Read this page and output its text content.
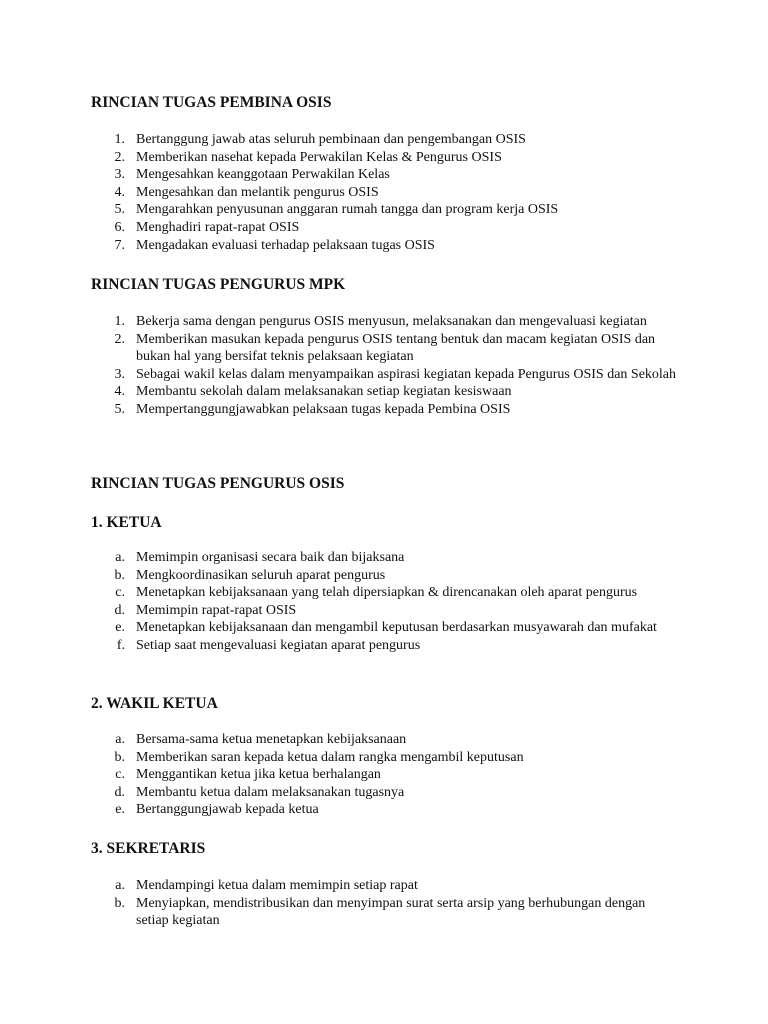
RINCIAN TUGAS PEMBINA OSIS
1. Bertanggung jawab atas seluruh pembinaan dan pengembangan OSIS
2. Memberikan nasehat kepada Perwakilan Kelas & Pengurus OSIS
3. Mengesahkan keanggotaan Perwakilan Kelas
4. Mengesahkan dan melantik pengurus OSIS
5. Mengarahkan penyusunan anggaran rumah tangga dan program kerja OSIS
6. Menghadiri rapat-rapat OSIS
7. Mengadakan evaluasi terhadap pelaksaan tugas OSIS
RINCIAN TUGAS PENGURUS MPK
1. Bekerja sama dengan pengurus OSIS menyusun, melaksanakan dan mengevaluasi kegiatan
2. Memberikan masukan kepada pengurus OSIS tentang bentuk dan macam kegiatan OSIS dan bukan hal yang bersifat teknis pelaksaan kegiatan
3. Sebagai wakil kelas dalam menyampaikan aspirasi kegiatan kepada Pengurus OSIS dan Sekolah
4. Membantu sekolah dalam melaksanakan setiap kegiatan kesiswaan
5. Mempertanggungjawabkan pelaksaan tugas kepada Pembina OSIS
RINCIAN TUGAS PENGURUS OSIS
1. KETUA
a. Memimpin organisasi secara baik dan bijaksana
b. Mengkoordinasikan seluruh aparat pengurus
c. Menetapkan kebijaksanaan yang telah dipersiapkan & direncanakan oleh aparat pengurus
d. Memimpin rapat-rapat OSIS
e. Menetapkan kebijaksanaan dan mengambil keputusan berdasarkan musyawarah dan mufakat
f. Setiap saat mengevaluasi kegiatan aparat pengurus
2. WAKIL KETUA
a. Bersama-sama ketua menetapkan kebijaksanaan
b. Memberikan saran kepada ketua dalam rangka mengambil keputusan
c. Menggantikan ketua jika ketua berhalangan
d. Membantu ketua dalam melaksanakan tugasnya
e. Bertanggungjawab kepada ketua
3. SEKRETARIS
a. Mendampingi ketua dalam memimpin setiap rapat
b. Menyiapkan, mendistribusikan dan menyimpan surat serta arsip yang berhubungan dengan setiap kegiatan
